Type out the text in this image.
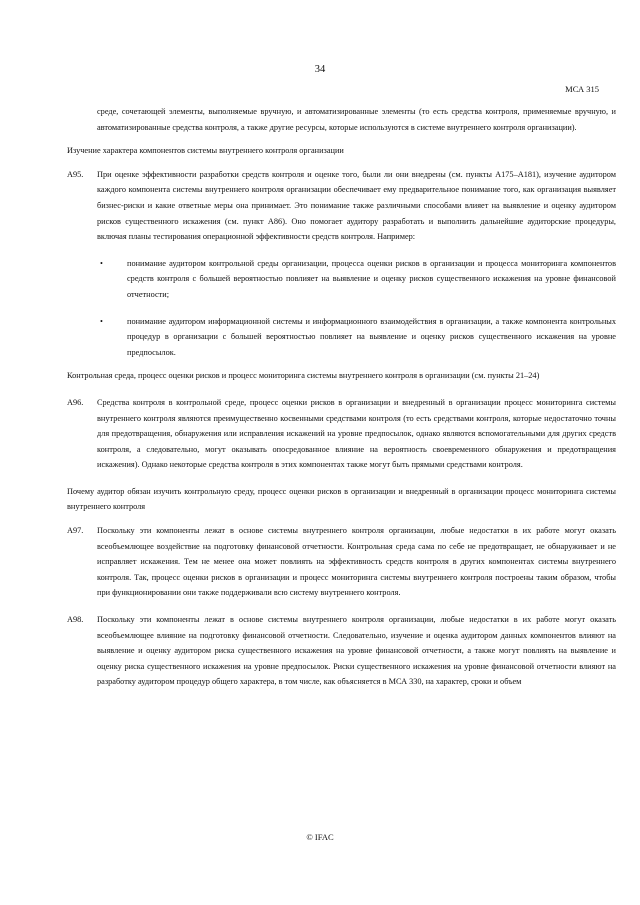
34
МСА 315

среде, сочетающей элементы, выполняемые вручную, и автоматизированные элементы (то есть средства контроля, применяемые вручную, и автоматизированные средства контроля, а также другие ресурсы, которые используются в системе внутреннего контроля организации).

Изучение характера компонентов системы внутреннего контроля организации

A95.	При оценке эффективности разработки средств контроля и оценке того, были ли они внедрены (см. пункты A175–A181), изучение аудитором каждого компонента системы внутреннего контроля организации обеспечивает ему предварительное понимание того, как организация выявляет бизнес-риски и какие ответные меры она принимает. Это понимание также различными способами влияет на выявление и оценку аудитором рисков существенного искажения (см. пункт A86). Оно помогает аудитору разработать и выполнить дальнейшие аудиторские процедуры, включая планы тестирования операционной эффективности средств контроля. Например:
•	понимание аудитором контрольной среды организации, процесса оценки рисков в организации и процесса мониторинга компонентов средств контроля с большей вероятностью повлияет на выявление и оценку рисков существенного искажения на уровне финансовой отчетности;
•	понимание аудитором информационной системы и информационного взаимодействия в организации, а также компонента контрольных процедур в организации с большей вероятностью повлияет на выявление и оценку рисков существенного искажения на уровне предпосылок.

Контрольная среда, процесс оценки рисков и процесс мониторинга системы внутреннего контроля в организации (см. пункты 21–24)

A96.	Средства контроля в контрольной среде, процесс оценки рисков в организации и внедренный в организации процесс мониторинга системы внутреннего контроля являются преимущественно косвенными средствами контроля (то есть средствами контроля, которые недостаточно точны для предотвращения, обнаружения или исправления искажений на уровне предпосылок, однако являются вспомогательными для других средств контроля, а следовательно, могут оказывать опосредованное влияние на вероятность своевременного обнаружения и предотвращения искажения). Однако некоторые средства контроля в этих компонентах также могут быть прямыми средствами контроля.

Почему аудитор обязан изучить контрольную среду, процесс оценки рисков в организации и внедренный в организации процесс мониторинга системы внутреннего контроля

A97.	Поскольку эти компоненты лежат в основе системы внутреннего контроля организации, любые недостатки в их работе могут оказать всеобъемлющее воздействие на подготовку финансовой отчетности. Контрольная среда сама по себе не предотвращает, не обнаруживает и не исправляет искажения. Тем не менее она может повлиять на эффективность средств контроля в других компонентах системы внутреннего контроля. Так, процесс оценки рисков в организации и процесс мониторинга системы внутреннего контроля построены таким образом, чтобы при функционировании они также поддерживали всю систему внутреннего контроля.
A98.	Поскольку эти компоненты лежат в основе системы внутреннего контроля организации, любые недостатки в их работе могут оказать всеобъемлющее влияние на подготовку финансовой отчетности. Следовательно, изучение и оценка аудитором данных компонентов влияют на выявление и оценку аудитором риска существенного искажения на уровне финансовой отчетности, а также могут повлиять на выявление и оценку риска существенного искажения на уровне предпосылок. Риски существенного искажения на уровне финансовой отчетности влияют на разработку аудитором процедур общего характера, в том числе, как объясняется в МСА 330, на характер, сроки и объем
© IFAC
